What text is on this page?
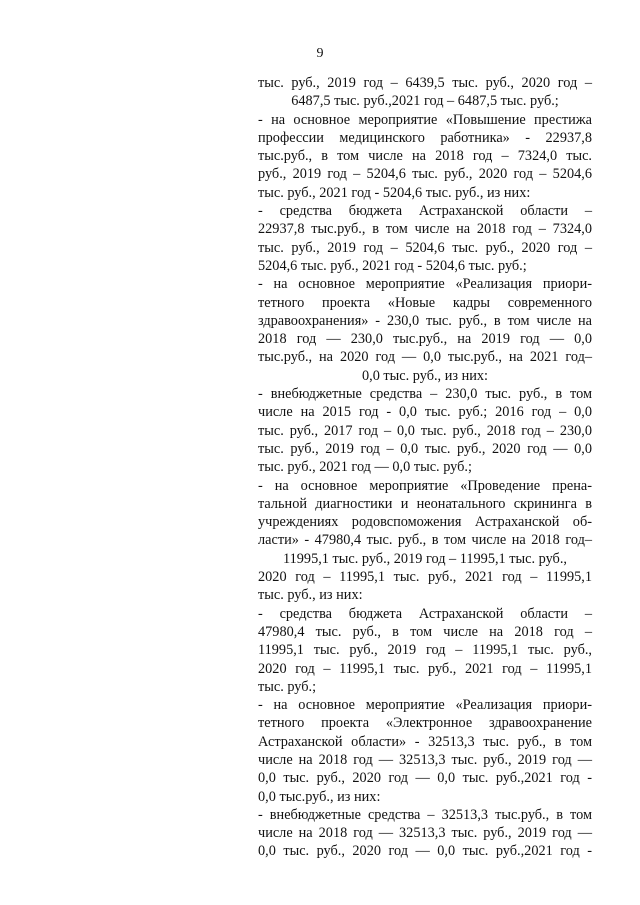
9
тыс. руб., 2019 год – 6439,5 тыс. руб., 2020 год –
6487,5 тыс. руб.,2021 год – 6487,5 тыс. руб.;
- на основное мероприятие «Повышение престижа
профессии медицинского работника» - 22937,8
тыс.руб., в том числе на 2018 год – 7324,0 тыс.
руб., 2019 год – 5204,6 тыс. руб., 2020 год – 5204,6
тыс. руб., 2021 год - 5204,6 тыс. руб., из них:
- средства бюджета Астраханской области –
22937,8 тыс.руб., в том числе на 2018 год – 7324,0
тыс. руб., 2019 год – 5204,6 тыс. руб., 2020 год –
5204,6 тыс. руб., 2021 год - 5204,6 тыс. руб.;
- на основное мероприятие «Реализация приори-
тетного проекта «Новые кадры современного
здравоохранения» - 230,0 тыс. руб., в том числе на
2018 год — 230,0 тыс.руб., на 2019 год — 0,0
тыс.руб., на 2020 год — 0,0 тыс.руб., на 2021 год–
0,0 тыс. руб., из них:
- внебюджетные средства – 230,0 тыс. руб., в том
числе на 2015 год - 0,0 тыс. руб.; 2016 год – 0,0
тыс. руб., 2017 год – 0,0 тыс. руб., 2018 год – 230,0
тыс. руб., 2019 год – 0,0 тыс. руб., 2020 год — 0,0
тыс. руб., 2021 год — 0,0 тыс. руб.;
- на основное мероприятие «Проведение прена-
тальной диагностики и неонатального скрининга в
учреждениях родовспоможения Астраханской об-
ласти» - 47980,4 тыс. руб., в том числе на 2018 год–
11995,1 тыс. руб., 2019 год – 11995,1 тыс. руб.,
2020 год – 11995,1 тыс. руб., 2021 год – 11995,1
тыс. руб., из них:
- средства бюджета Астраханской области –
47980,4 тыс. руб., в том числе на 2018 год –
11995,1 тыс. руб., 2019 год – 11995,1 тыс. руб.,
2020 год – 11995,1 тыс. руб., 2021 год – 11995,1
тыс. руб.;
- на основное мероприятие «Реализация приори-
тетного проекта «Электронное здравоохранение
Астраханской области» - 32513,3 тыс. руб., в том
числе на 2018 год — 32513,3 тыс. руб., 2019 год —
0,0 тыс. руб., 2020 год — 0,0 тыс. руб.,2021 год -
0,0 тыс.руб., из них:
- внебюджетные средства – 32513,3 тыс.руб., в том
числе на 2018 год — 32513,3 тыс. руб., 2019 год —
0,0 тыс. руб., 2020 год — 0,0 тыс. руб.,2021 год -
